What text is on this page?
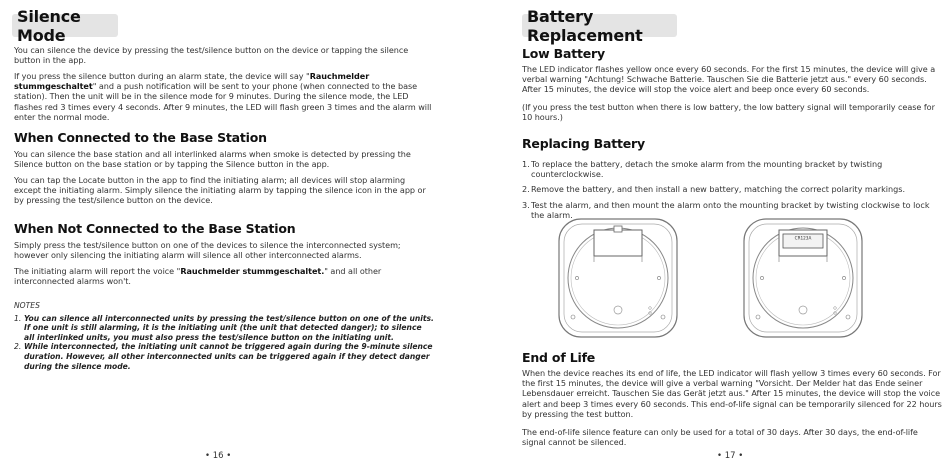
Silence Mode

You can silence the device by pressing the test/silence button on the device or tapping the silence button in the app.

If you press the silence button during an alarm state, the device will say "Rauchmelder stummgeschaltet" and a push notification will be sent to your phone (when connected to the base station). Then the unit will be in the silence mode for 9 minutes. During the silence mode, the LED flashes red 3 times every 4 seconds. After 9 minutes, the LED will flash green 3 times and the alarm will enter the normal mode.

When Connected to the Base Station

You can silence the base station and all interlinked alarms when smoke is detected by pressing the Silence button on the base station or by tapping the Silence button in the app.

You can tap the Locate button in the app to find the initiating alarm; all devices will stop alarming except the initiating alarm. Simply silence the initiating alarm by tapping the silence icon in the app or by pressing the test/silence button on the device.

When Not Connected to the Base Station

Simply press the test/silence button on one of the devices to silence the interconnected system; however only silencing the initiating alarm will silence all other interconnected alarms.

The initiating alarm will report the voice "Rauchmelder stummgeschaltet." and all other interconnected alarms won't.

NOTES
1. You can silence all interconnected units by pressing the test/silence button on one of the units. If one unit is still alarming, it is the initiating unit (the unit that detected danger); to silence all interlinked units, you must also press the test/silence button on the initiating unit.
2. While interconnected, the initiating unit cannot be triggered again during the 9-minute silence duration. However, all other interconnected units can be triggered again if they detect danger during the silence mode.
• 16 •
Battery Replacement
Low Battery

The LED indicator flashes yellow once every 60 seconds. For the first 15 minutes, the device will give a verbal warning "Achtung! Schwache Batterie. Tauschen Sie die Batterie jetzt aus." every 60 seconds. After 15 minutes, the device will stop the voice alert and beep once every 60 seconds.

(If you press the test button when there is low battery, the low battery signal will temporarily cease for 10 hours.)

Replacing Battery
1. To replace the battery, detach the smoke alarm from the mounting bracket by twisting counterclockwise.
2. Remove the battery, and then install a new battery, matching the correct polarity markings.
3. Test the alarm, and then mount the alarm onto the mounting bracket by twisting clockwise to lock the alarm.
CR123A
End of Life

When the device reaches its end of life, the LED indicator will flash yellow 3 times every 60 seconds. For the first 15 minutes, the device will give a verbal warning "Vorsicht. Der Melder hat das Ende seiner Lebensdauer erreicht. Tauschen Sie das Gerät jetzt aus." After 15 minutes, the device will stop the voice alert and beep 3 times every 60 seconds. This end-of-life signal can be temporarily silenced for 22 hours by pressing the test button.

The end-of-life silence feature can only be used for a total of 30 days. After 30 days, the end-of-life signal cannot be silenced.

• 17 •
